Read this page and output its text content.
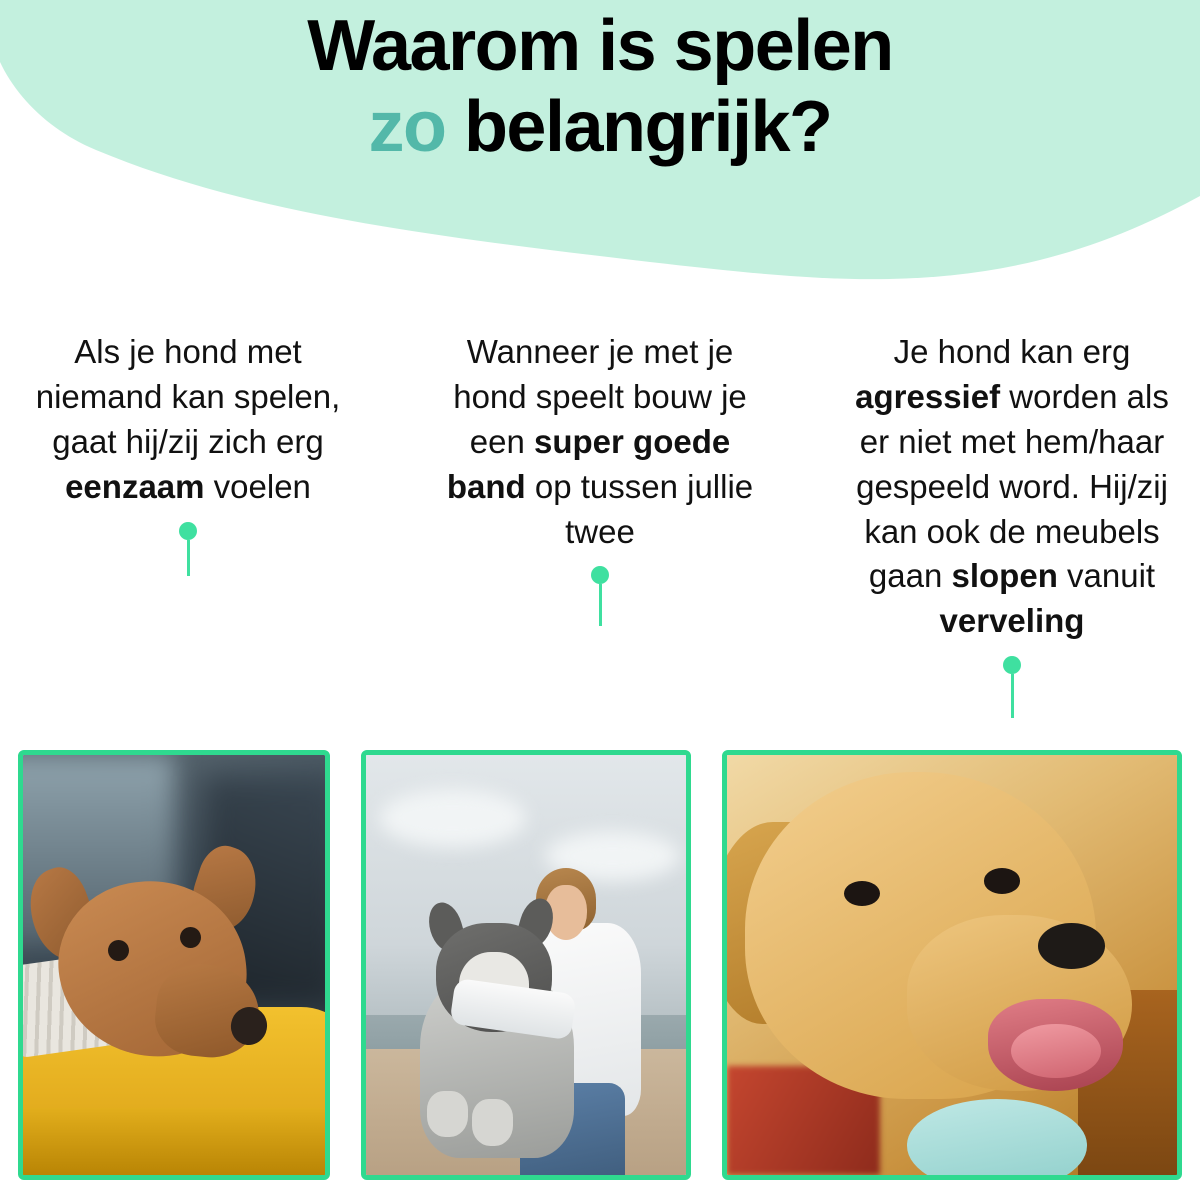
Waarom is spelen
zo belangrijk?
Als je hond met niemand kan spelen, gaat hij/zij zich erg eenzaam voelen
Wanneer je met je hond speelt bouw je een super goede band op tussen jullie twee
Je hond kan erg agressief worden als er niet met hem/haar gespeeld word. Hij/zij kan ook de meubels gaan slopen vanuit verveling
